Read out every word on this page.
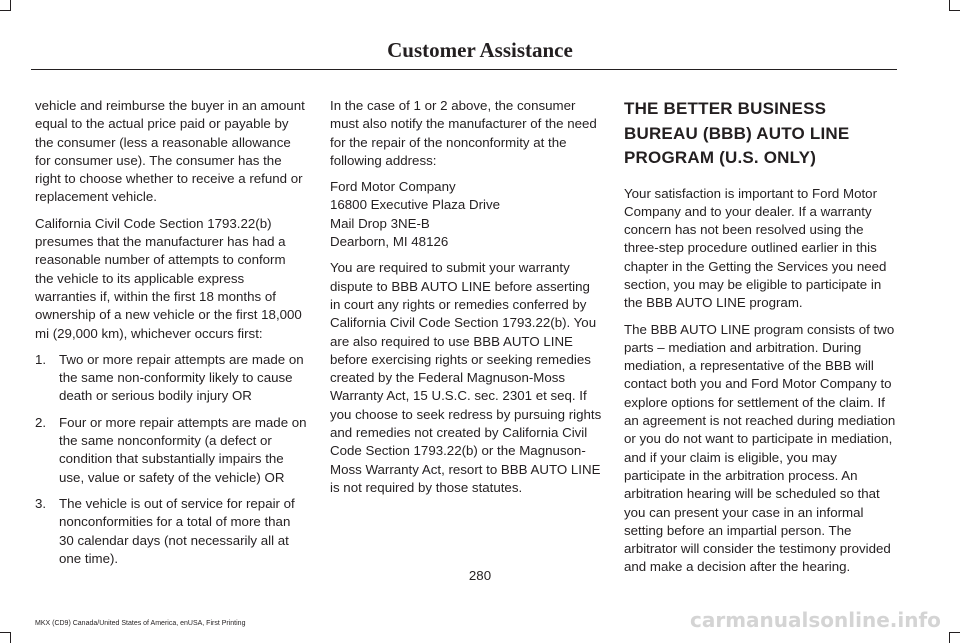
Customer Assistance

vehicle and reimburse the buyer in an amount equal to the actual price paid or payable by the consumer (less a reasonable allowance for consumer use). The consumer has the right to choose whether to receive a refund or replacement vehicle.

California Civil Code Section 1793.22(b) presumes that the manufacturer has had a reasonable number of attempts to conform the vehicle to its applicable express warranties if, within the first 18 months of ownership of a new vehicle or the first 18,000 mi (29,000 km), whichever occurs first:

1. Two or more repair attempts are made on the same non-conformity likely to cause death or serious bodily injury OR
2. Four or more repair attempts are made on the same nonconformity (a defect or condition that substantially impairs the use, value or safety of the vehicle) OR
3. The vehicle is out of service for repair of nonconformities for a total of more than 30 calendar days (not necessarily all at one time).

In the case of 1 or 2 above, the consumer must also notify the manufacturer of the need for the repair of the nonconformity at the following address:

Ford Motor Company
16800 Executive Plaza Drive
Mail Drop 3NE-B
Dearborn, MI 48126

You are required to submit your warranty dispute to BBB AUTO LINE before asserting in court any rights or remedies conferred by California Civil Code Section 1793.22(b). You are also required to use BBB AUTO LINE before exercising rights or seeking remedies created by the Federal Magnuson-Moss Warranty Act, 15 U.S.C. sec. 2301 et seq. If you choose to seek redress by pursuing rights and remedies not created by California Civil Code Section 1793.22(b) or the Magnuson-Moss Warranty Act, resort to BBB AUTO LINE is not required by those statutes.

THE BETTER BUSINESS BUREAU (BBB) AUTO LINE PROGRAM (U.S. ONLY)

Your satisfaction is important to Ford Motor Company and to your dealer. If a warranty concern has not been resolved using the three-step procedure outlined earlier in this chapter in the Getting the Services you need section, you may be eligible to participate in the BBB AUTO LINE program.

The BBB AUTO LINE program consists of two parts – mediation and arbitration. During mediation, a representative of the BBB will contact both you and Ford Motor Company to explore options for settlement of the claim. If an agreement is not reached during mediation or you do not want to participate in mediation, and if your claim is eligible, you may participate in the arbitration process. An arbitration hearing will be scheduled so that you can present your case in an informal setting before an impartial person. The arbitrator will consider the testimony provided and make a decision after the hearing.

280
MKX (CD9) Canada/United States of America, enUSA, First Printing	carmanualsonline.info
